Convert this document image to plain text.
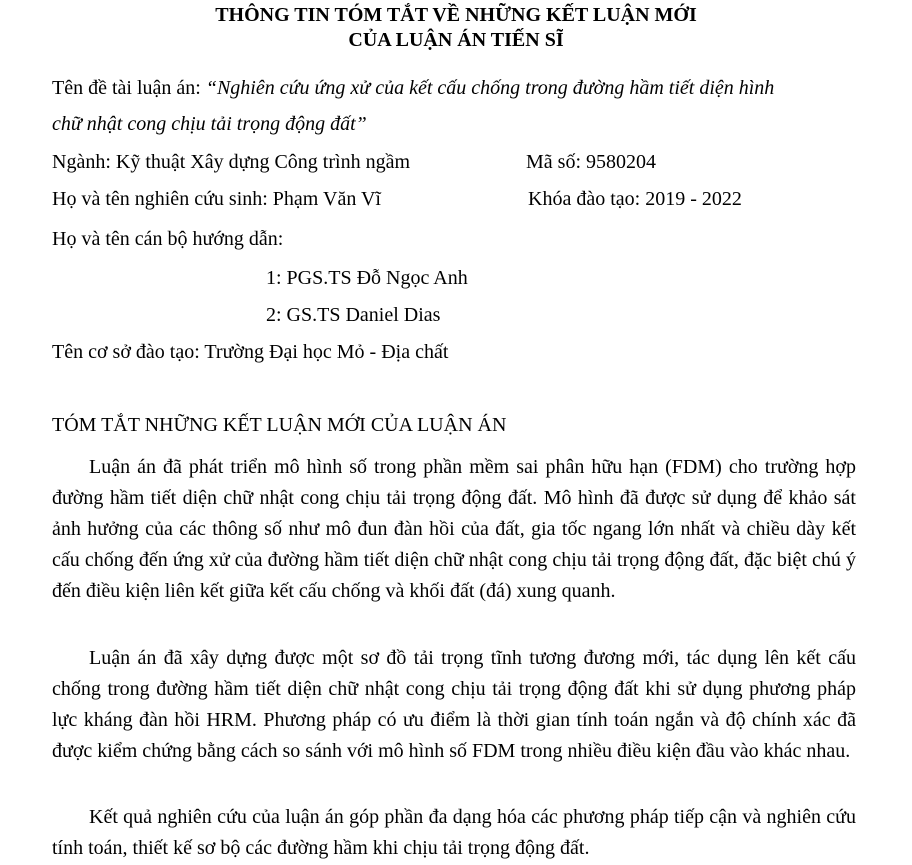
THÔNG TIN TÓM TẮT VỀ NHỮNG KẾT LUẬN MỚI
CỦA LUẬN ÁN TIẾN SĨ
Tên đề tài luận án: “Nghiên cứu ứng xử của kết cấu chống trong đường hầm tiết diện hình
chữ nhật cong chịu tải trọng động đất”
Ngành: Kỹ thuật Xây dựng Công trình ngầm	Mã số: 9580204
Họ và tên nghiên cứu sinh: Phạm Văn Vĩ	Khóa đào tạo: 2019 - 2022
Họ và tên cán bộ hướng dẫn:
1: PGS.TS Đỗ Ngọc Anh
2: GS.TS Daniel Dias
Tên cơ sở đào tạo: Trường Đại học Mỏ - Địa chất
TÓM TẮT NHỮNG KẾT LUẬN MỚI CỦA LUẬN ÁN

Luận án đã phát triển mô hình số trong phần mềm sai phân hữu hạn (FDM) cho trường hợp đường hầm tiết diện chữ nhật cong chịu tải trọng động đất. Mô hình đã được sử dụng để khảo sát ảnh hưởng của các thông số như mô đun đàn hồi của đất, gia tốc ngang lớn nhất và chiều dày kết cấu chống đến ứng xử của đường hầm tiết diện chữ nhật cong chịu tải trọng động đất, đặc biệt chú ý đến điều kiện liên kết giữa kết cấu chống và khối đất (đá) xung quanh.

Luận án đã xây dựng được một sơ đồ tải trọng tĩnh tương đương mới, tác dụng lên kết cấu chống trong đường hầm tiết diện chữ nhật cong chịu tải trọng động đất khi sử dụng phương pháp lực kháng đàn hồi HRM. Phương pháp có ưu điểm là thời gian tính toán ngắn và độ chính xác đã được kiểm chứng bằng cách so sánh với mô hình số FDM trong nhiều điều kiện đầu vào khác nhau.

Kết quả nghiên cứu của luận án góp phần đa dạng hóa các phương pháp tiếp cận và nghiên cứu tính toán, thiết kế sơ bộ các đường hầm khi chịu tải trọng động đất.
